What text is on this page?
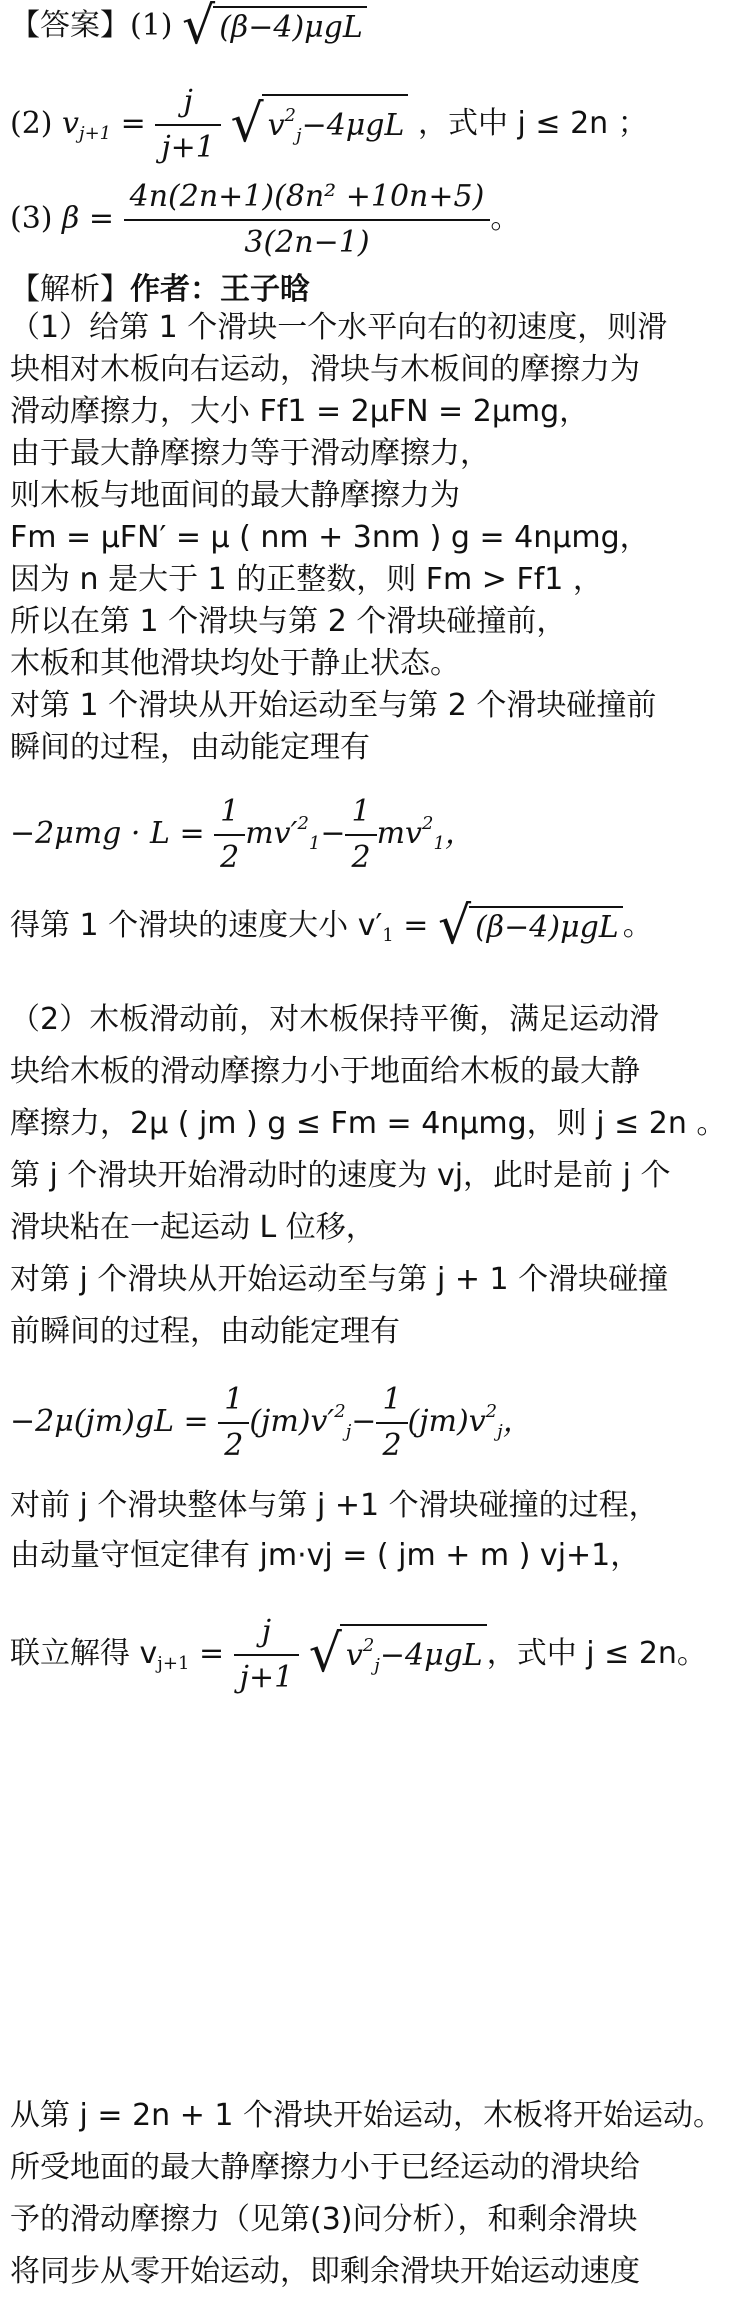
【答案】(1) √ (β−4)μgL
(2) $v_{j+1} = \frac{j}{j+1}$ √ $v^2_j-4\mu gL$ ，式中 j ≤ 2n ；
(3) $\beta = \frac{\text{4n(2n+1)(8n² +10n+5)}}{3(2n-1)}$ 。
【解析】作者：王子晗
（1）给第 1 个滑块一个水平向右的初速度，则滑
块相对木板向右运动，滑块与木板间的摩擦力为
滑动摩擦力，大小 Ff1 = 2μFN = 2μmg，
由于最大静摩擦力等于滑动摩擦力，
则木板与地面间的最大静摩擦力为
Fm = μFN′ = μ ( nm + 3nm ) g = 4nμmg，
因为 n 是大于 1 的正整数，则 Fm > Ff1 ，
所以在第 1 个滑块与第 2 个滑块碰撞前，
木板和其他滑块均处于静止状态。
对第 1 个滑块从开始运动至与第 2 个滑块碰撞前
瞬间的过程，由动能定理有
$-2\mu mg \cdot L = \frac{1}{2} mv'^2_1- \frac{1}{2} mv^2_1$，
得第 1 个滑块的速度大小 $v'_1$ = √ (β−4)μgL 。
（2）木板滑动前，对木板保持平衡，满足运动滑
块给木板的滑动摩擦力小于地面给木板的最大静
摩擦力，2μ ( jm ) g ≤ Fm = 4nμmg，则 j ≤ 2n 。
第 j 个滑块开始滑动时的速度为 vj，此时是前 j 个
滑块粘在一起运动 L 位移，
对第 j 个滑块从开始运动至与第 j + 1 个滑块碰撞
前瞬间的过程，由动能定理有
$-2\mu(jm)gL = \frac{1}{2} (jm)v'^2_j- \frac{1}{2} (jm)v^2_j$，
对前 j 个滑块整体与第 j +1 个滑块碰撞的过程，
由动量守恒定律有 jm·vj = ( jm + m ) vj+1，
联立解得 $v_{j+1} = \frac{j}{j+1}$ √ $v^2_j-4\mu gL$ ，式中 j ≤ 2n。
从第 j = 2n + 1 个滑块开始运动，木板将开始运动。
所受地面的最大静摩擦力小于已经运动的滑块给
予的滑动摩擦力（见第(3)问分析），和剩余滑块
将同步从零开始运动，即剩余滑块开始运动速度
